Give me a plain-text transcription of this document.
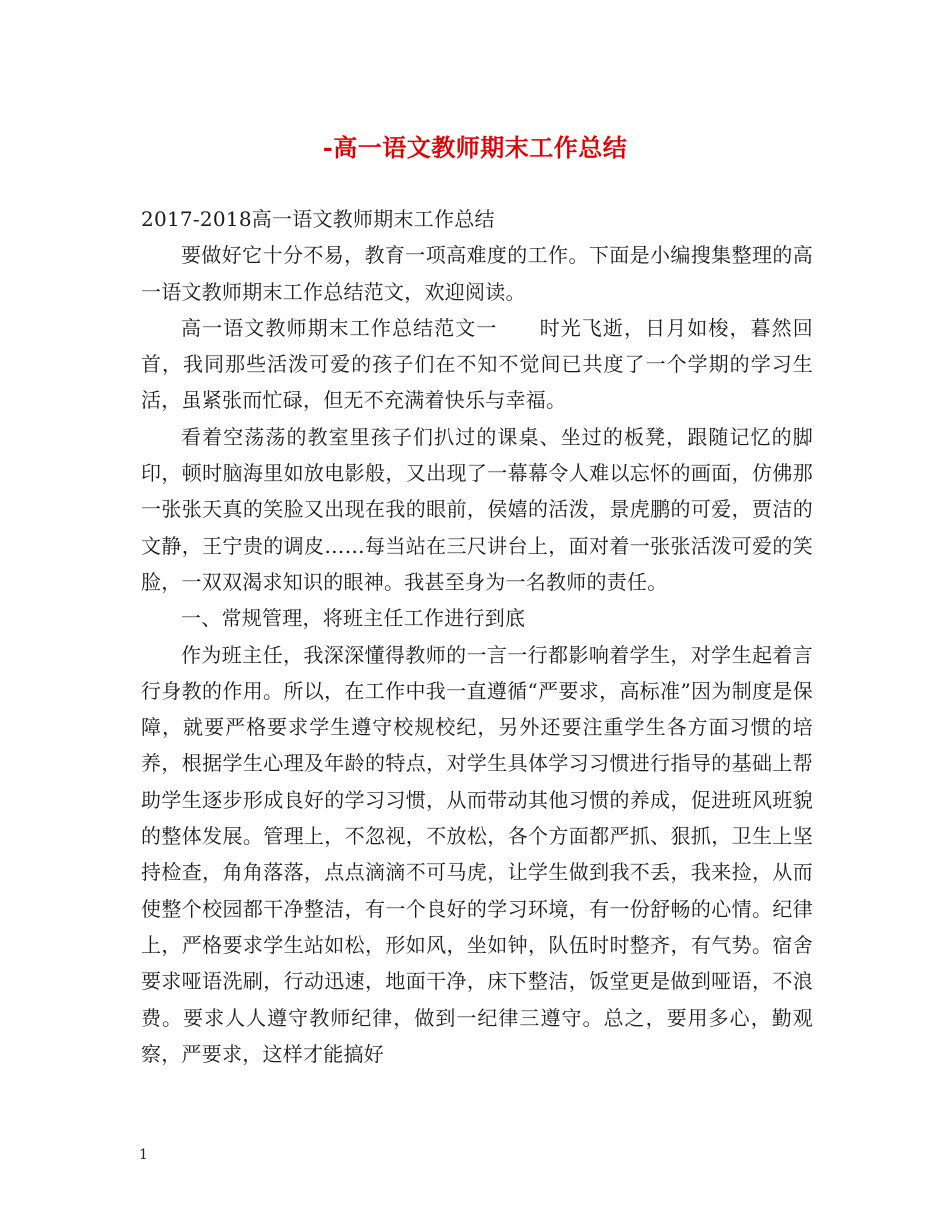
-高一语文教师期末工作总结

2017-2018高一语文教师期末工作总结

要做好它十分不易，教育一项高难度的工作。下面是小编搜集整理的高一语文教师期末工作总结范文，欢迎阅读。

高一语文教师期末工作总结范文一　　时光飞逝，日月如梭，暮然回首，我同那些活泼可爱的孩子们在不知不觉间已共度了一个学期的学习生活，虽紧张而忙碌，但无不充满着快乐与幸福。

看着空荡荡的教室里孩子们扒过的课桌、坐过的板凳，跟随记忆的脚印，顿时脑海里如放电影般，又出现了一幕幕令人难以忘怀的画面，仿佛那一张张天真的笑脸又出现在我的眼前，侯嬉的活泼，景虎鹏的可爱，贾洁的文静，王宁贵的调皮……每当站在三尺讲台上，面对着一张张活泼可爱的笑脸，一双双渴求知识的眼神。我甚至身为一名教师的责任。

一、常规管理，将班主任工作进行到底

作为班主任，我深深懂得教师的一言一行都影响着学生，对学生起着言行身教的作用。所以，在工作中我一直遵循“严要求，高标准”因为制度是保障，就要严格要求学生遵守校规校纪，另外还要注重学生各方面习惯的培养，根据学生心理及年龄的特点，对学生具体学习习惯进行指导的基础上帮助学生逐步形成良好的学习习惯，从而带动其他习惯的养成，促进班风班貌的整体发展。管理上，不忽视，不放松，各个方面都严抓、狠抓，卫生上坚持检查，角角落落，点点滴滴不可马虎，让学生做到我不丢，我来捡，从而使整个校园都干净整洁，有一个良好的学习环境，有一份舒畅的心情。纪律上，严格要求学生站如松，形如风，坐如钟，队伍时时整齐，有气势。宿舍要求哑语洗刷，行动迅速，地面干净，床下整洁，饭堂更是做到哑语，不浪费。要求人人遵守教师纪律，做到一纪律三遵守。总之，要用多心，勤观察，严要求，这样才能搞好

1
